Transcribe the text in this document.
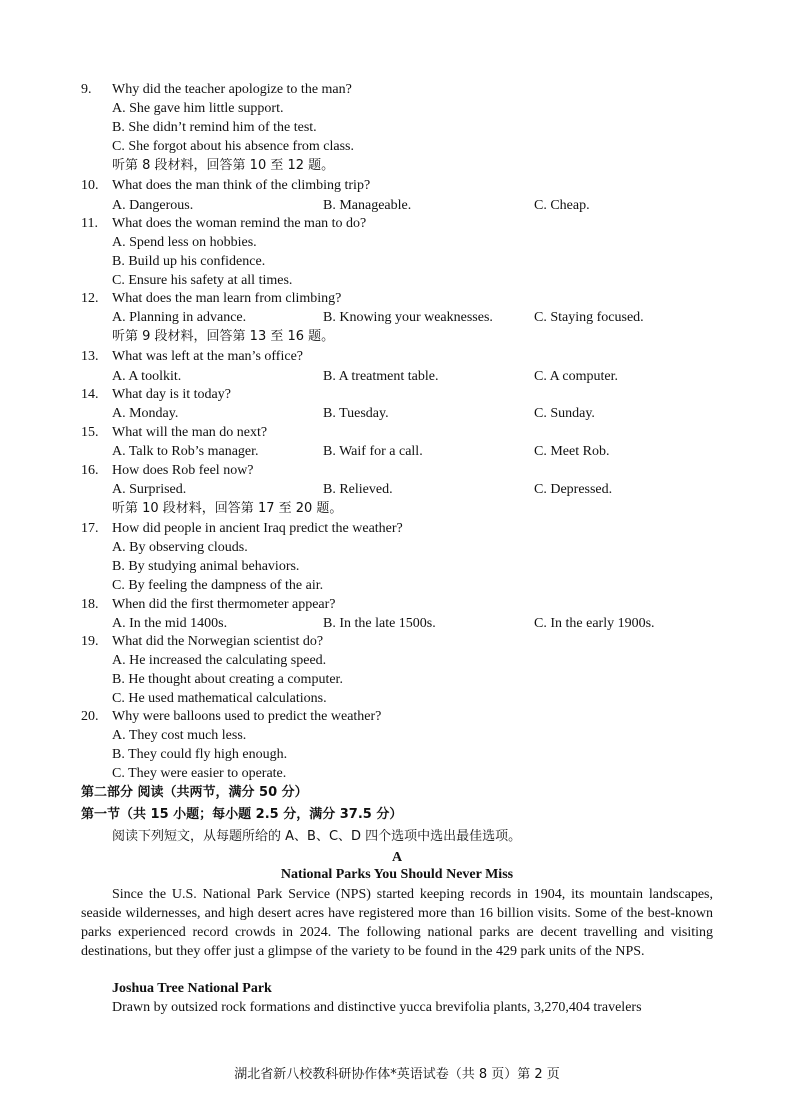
9. Why did the teacher apologize to the man?
A. She gave him little support.
B. She didn’t remind him of the test.
C. She forgot about his absence from class.
听第 8 段材料，回答第 10 至 12 题。
10. What does the man think of the climbing trip?
A. Dangerous.	B. Manageable.	C. Cheap.
11. What does the woman remind the man to do?
A. Spend less on hobbies.
B. Build up his confidence.
C. Ensure his safety at all times.
12. What does the man learn from climbing?
A. Planning in advance.	B. Knowing your weaknesses.	C. Staying focused.
听第 9 段材料，回答第 13 至 16 题。
13. What was left at the man’s office?
A. A toolkit.	B. A treatment table.	C. A computer.
14. What day is it today?
A. Monday.	B. Tuesday.	C. Sunday.
15. What will the man do next?
A. Talk to Rob’s manager.	B. Waif for a call.	C. Meet Rob.
16. How does Rob feel now?
A. Surprised.	B. Relieved.	C. Depressed.
听第 10 段材料，回答第 17 至 20 题。
17. How did people in ancient Iraq predict the weather?
A. By observing clouds.
B. By studying animal behaviors.
C. By feeling the dampness of the air.
18. When did the first thermometer appear?
A. In the mid 1400s.	B. In the late 1500s.	C. In the early 1900s.
19. What did the Norwegian scientist do?
A. He increased the calculating speed.
B. He thought about creating a computer.
C. He used mathematical calculations.
20. Why were balloons used to predict the weather?
A. They cost much less.
B. They could fly high enough.
C. They were easier to operate.
第二部分 阅读（共两节，满分 50 分）
第一节（共 15 小题；每小题 2.5 分，满分 37.5 分）
阅读下列短文，从每题所给的 A、B、C、D 四个选项中选出最佳选项。
A
National Parks You Should Never Miss
Since the U.S. National Park Service (NPS) started keeping records in 1904, its mountain landscapes, seaside wildernesses, and high desert acres have registered more than 16 billion visits. Some of the best-known parks experienced record crowds in 2024. The following national parks are decent travelling and visiting destinations, but they offer just a glimpse of the variety to be found in the 429 park units of the NPS.
Joshua Tree National Park
Drawn by outsized rock formations and distinctive yucca brevifolia plants, 3,270,404 travelers
湖北省新八校教科研协作体*英语试卷（共 8 页）第 2 页
